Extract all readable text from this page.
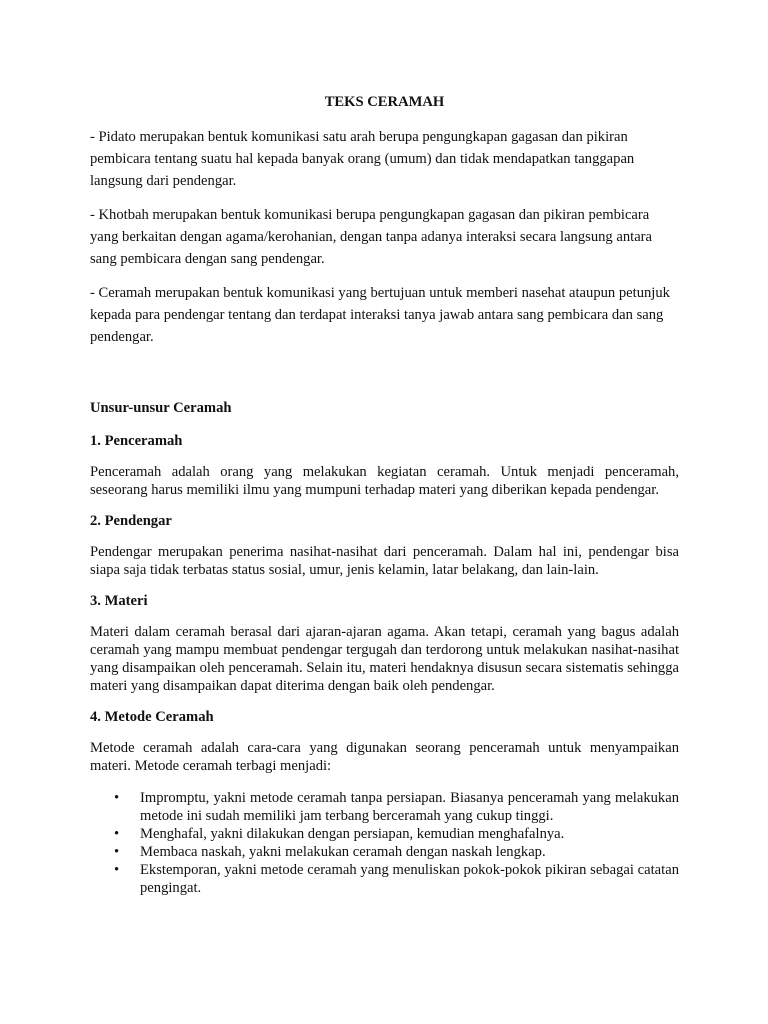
TEKS CERAMAH

- Pidato merupakan bentuk komunikasi satu arah berupa pengungkapan gagasan dan pikiran pembicara tentang suatu hal kepada banyak orang (umum) dan tidak mendapatkan tanggapan langsung dari pendengar.

- Khotbah merupakan bentuk komunikasi berupa pengungkapan gagasan dan pikiran pembicara yang berkaitan dengan agama/kerohanian, dengan tanpa adanya interaksi secara langsung antara sang pembicara dengan sang pendengar.

- Ceramah merupakan bentuk komunikasi yang bertujuan untuk memberi nasehat ataupun petunjuk kepada para pendengar tentang dan terdapat interaksi tanya jawab antara sang pembicara dan sang pendengar.

Unsur-unsur Ceramah
1. Penceramah
Penceramah adalah orang yang melakukan kegiatan ceramah. Untuk menjadi penceramah, seseorang harus memiliki ilmu yang mumpuni terhadap materi yang diberikan kepada pendengar.
2. Pendengar
Pendengar merupakan penerima nasihat-nasihat dari penceramah. Dalam hal ini, pendengar bisa siapa saja tidak terbatas status sosial, umur, jenis kelamin, latar belakang, dan lain-lain.
3. Materi
Materi dalam ceramah berasal dari ajaran-ajaran agama. Akan tetapi, ceramah yang bagus adalah ceramah yang mampu membuat pendengar tergugah dan terdorong untuk melakukan nasihat-nasihat yang disampaikan oleh penceramah. Selain itu, materi hendaknya disusun secara sistematis sehingga materi yang disampaikan dapat diterima dengan baik oleh pendengar.
4. Metode Ceramah
Metode ceramah adalah cara-cara yang digunakan seorang penceramah untuk menyampaikan materi. Metode ceramah terbagi menjadi:
• Impromptu, yakni metode ceramah tanpa persiapan. Biasanya penceramah yang melakukan metode ini sudah memiliki jam terbang berceramah yang cukup tinggi.
• Menghafal, yakni dilakukan dengan persiapan, kemudian menghafalnya.
• Membaca naskah, yakni melakukan ceramah dengan naskah lengkap.
• Ekstemporan, yakni metode ceramah yang menuliskan pokok-pokok pikiran sebagai catatan pengingat.
